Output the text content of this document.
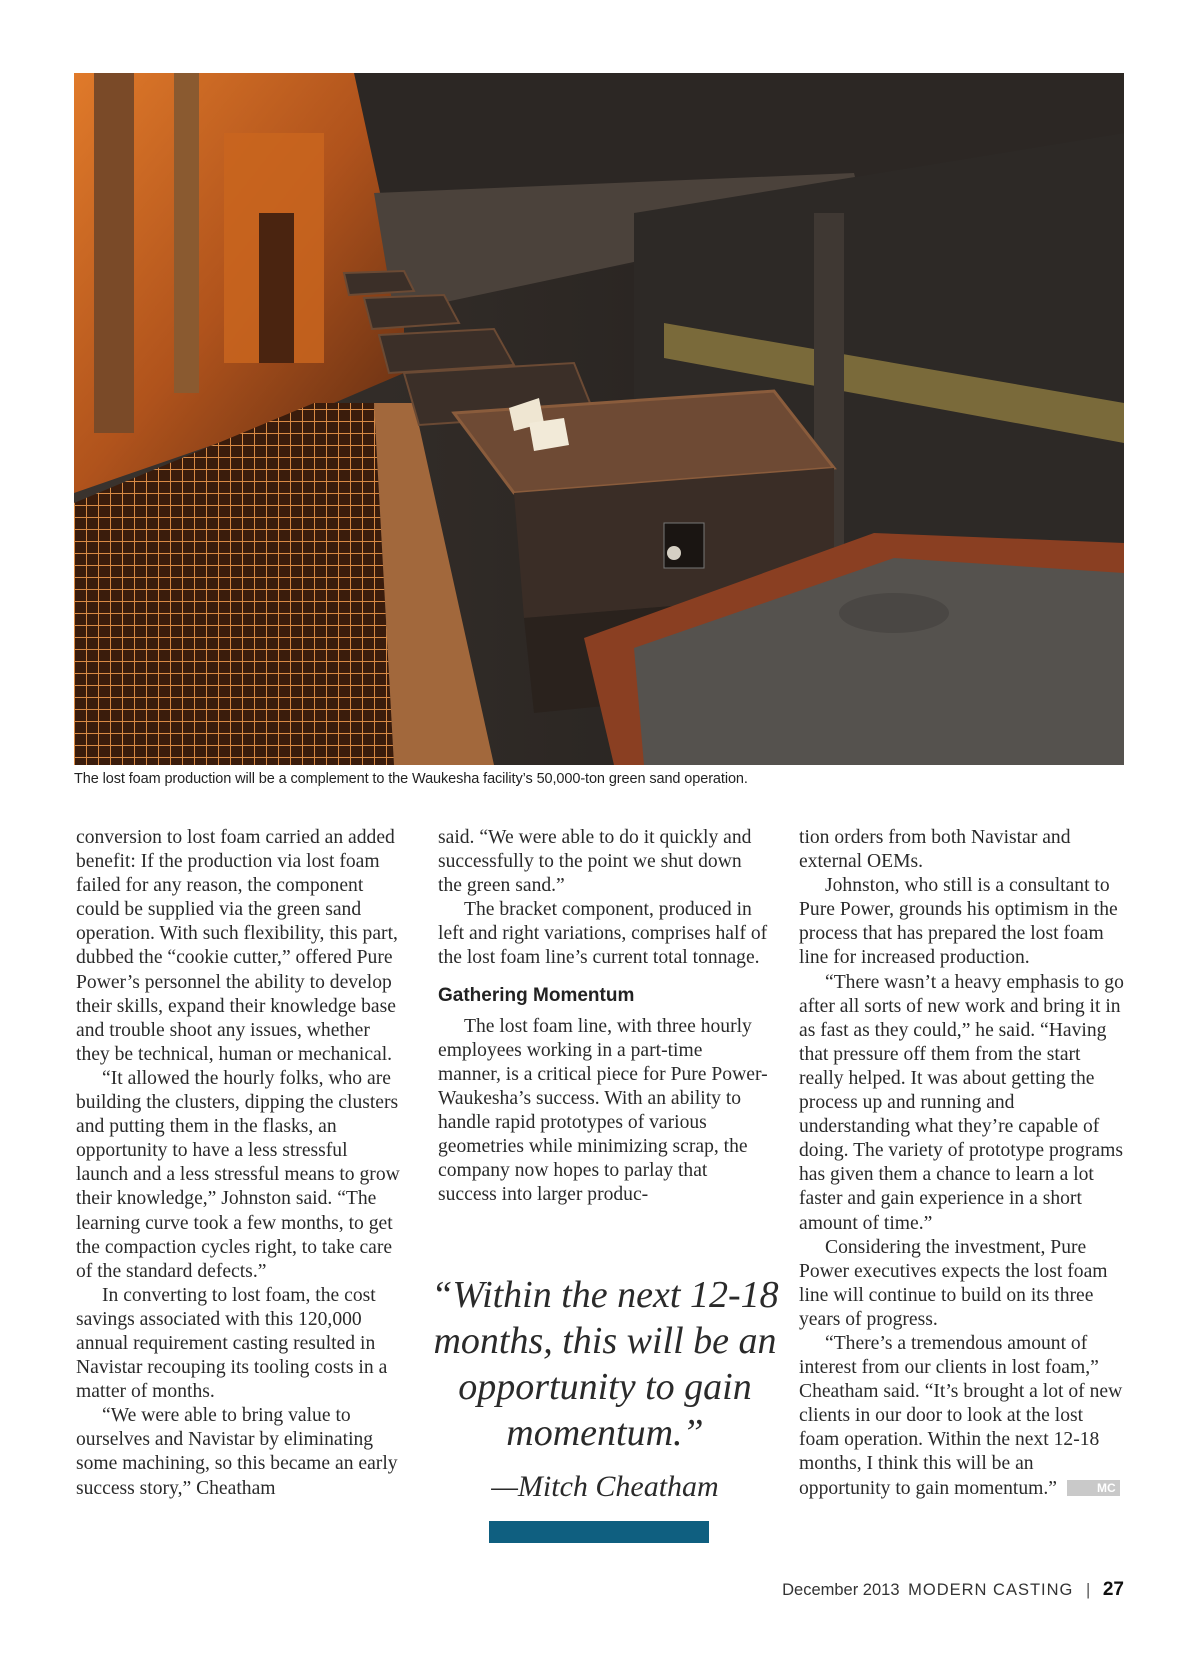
The lost foam production will be a complement to the Waukesha facility’s 50,000-ton green sand operation.

conversion to lost foam carried an added benefit: If the production via lost foam failed for any reason, the component could be supplied via the green sand operation. With such flexibility, this part, dubbed the “cookie cutter,” offered Pure Power’s personnel the ability to develop their skills, expand their knowledge base and trouble shoot any issues, whether they be technical, human or mechanical.

“It allowed the hourly folks, who are building the clusters, dipping the clusters and putting them in the flasks, an opportunity to have a less stressful launch and a less stressful means to grow their knowledge,” Johnston said. “The learning curve took a few months, to get the compaction cycles right, to take care of the standard defects.”

In converting to lost foam, the cost savings associated with this 120,000 annual requirement casting resulted in Navistar recouping its tooling costs in a matter of months.

“We were able to bring value to ourselves and Navistar by eliminating some machining, so this became an early success story,” Cheatham

said. “We were able to do it quickly and successfully to the point we shut down the green sand.”

The bracket component, produced in left and right variations, comprises half of the lost foam line’s current total tonnage.

Gathering Momentum

The lost foam line, with three hourly employees working in a part-time manner, is a critical piece for Pure Power-Waukesha’s success. With an ability to handle rapid prototypes of various geometries while minimizing scrap, the company now hopes to parlay that success into larger produc-

“Within the next 12-18 months, this will be an opportunity to gain momentum.”
—Mitch Cheatham

tion orders from both Navistar and external OEMs.

Johnston, who still is a consultant to Pure Power, grounds his optimism in the process that has prepared the lost foam line for increased production.

“There wasn’t a heavy emphasis to go after all sorts of new work and bring it in as fast as they could,” he said. “Having that pressure off them from the start really helped. It was about getting the process up and running and understanding what they’re capable of doing. The variety of prototype programs has given them a chance to learn a lot faster and gain experience in a short amount of time.”

Considering the investment, Pure Power executives expects the lost foam line will continue to build on its three years of progress.

“There’s a tremendous amount of interest from our clients in lost foam,” Cheatham said. “It’s brought a lot of new clients in our door to look at the lost foam operation. Within the next 12-18 months, I think this will be an opportunity to gain momentum.”	MC

December 2013 MODERN CASTING | 27
